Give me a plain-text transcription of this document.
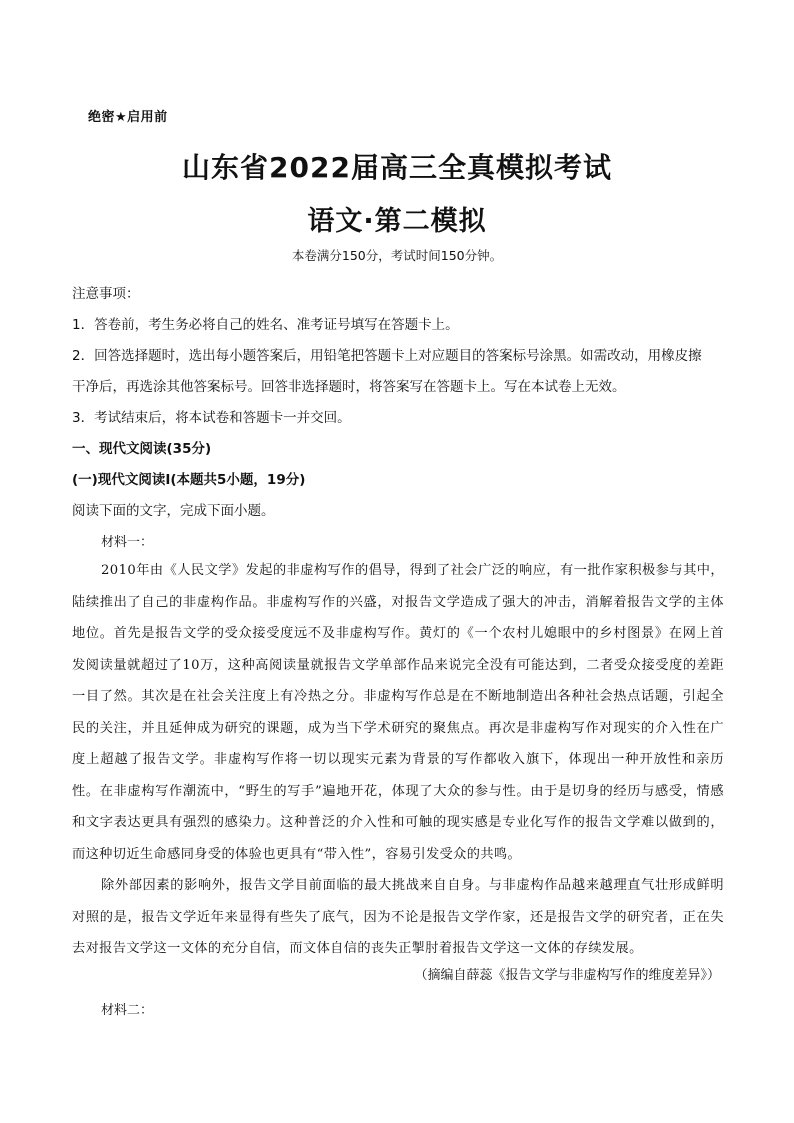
绝密★启用前
山东省2022届高三全真模拟考试
语文·第二模拟
本卷满分150分，考试时间150分钟。
注意事项：
1．答卷前，考生务必将自己的姓名、准考证号填写在答题卡上。
2．回答选择题时，选出每小题答案后，用铅笔把答题卡上对应题目的答案标号涂黑。如需改动，用橡皮擦
干净后，再选涂其他答案标号。回答非选择题时，将答案写在答题卡上。写在本试卷上无效。
3．考试结束后，将本试卷和答题卡一并交回。
一、现代文阅读(35分)
(一)现代文阅读Ⅰ(本题共5小题，19分)
阅读下面的文字，完成下面小题。
材料一：
2010年由《人民文学》发起的非虚构写作的倡导，得到了社会广泛的响应，有一批作家积极参与其中，陆续推出了自己的非虚构作品。非虚构写作的兴盛，对报告文学造成了强大的冲击，消解着报告文学的主体地位。首先是报告文学的受众接受度远不及非虚构写作。黄灯的《一个农村儿媳眼中的乡村图景》在网上首发阅读量就超过了10万，这种高阅读量就报告文学单部作品来说完全没有可能达到，二者受众接受度的差距一目了然。其次是在社会关注度上有冷热之分。非虚构写作总是在不断地制造出各种社会热点话题，引起全民的关注，并且延伸成为研究的课题，成为当下学术研究的聚焦点。再次是非虚构写作对现实的介入性在广度上超越了报告文学。非虚构写作将一切以现实元素为背景的写作都收入旗下，体现出一种开放性和亲历性。在非虚构写作潮流中，“野生的写手”遍地开花，体现了大众的参与性。由于是切身的经历与感受，情感和文字表达更具有强烈的感染力。这种普泛的介入性和可触的现实感是专业化写作的报告文学难以做到的，而这种切近生命感同身受的体验也更具有“带入性”，容易引发受众的共鸣。
除外部因素的影响外，报告文学目前面临的最大挑战来自自身。与非虚构作品越来越理直气壮形成鲜明对照的是，报告文学近年来显得有些失了底气，因为不论是报告文学作家，还是报告文学的研究者，正在失去对报告文学这一文体的充分自信，而文体自信的丧失正掣肘着报告文学这一文体的存续发展。
（摘编自薛蕊《报告文学与非虚构写作的维度差异》）
材料二：
